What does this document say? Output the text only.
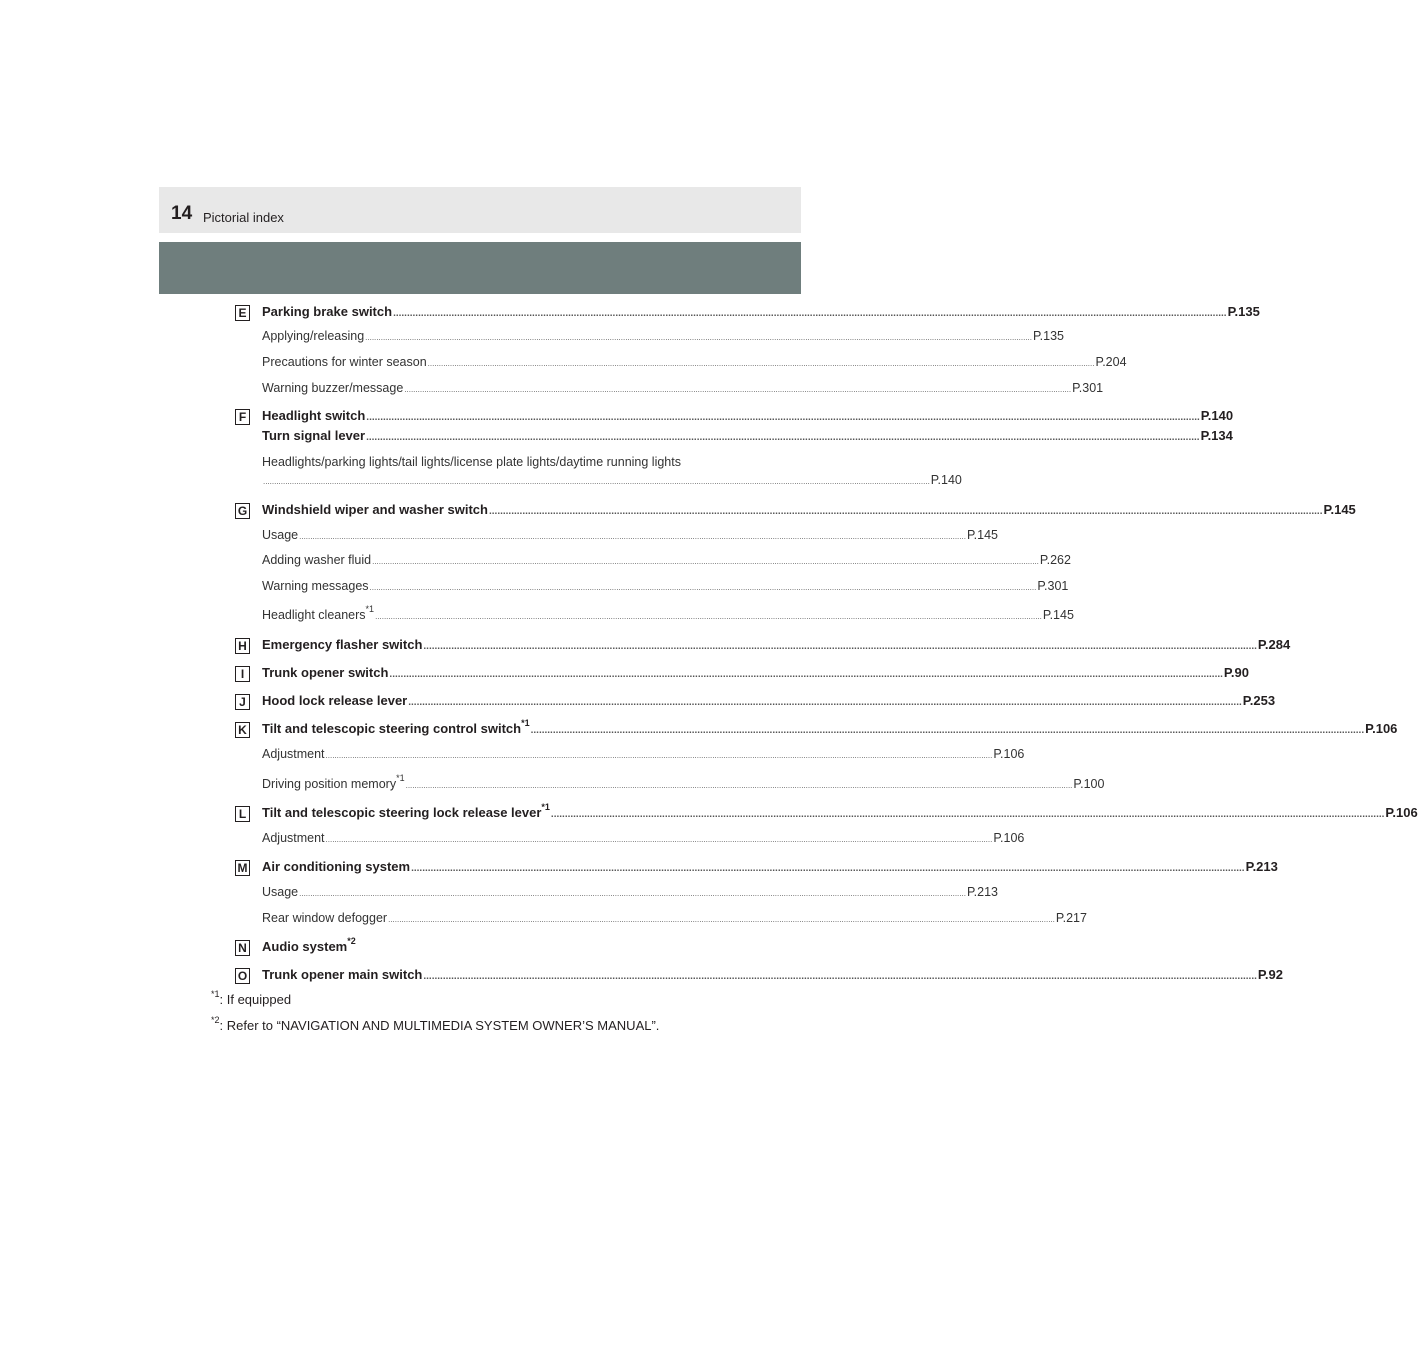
14 Pictorial index
E Parking brake switch ............................................................................................................................................................................................................................................................................................................ P.135
Applying/releasing ............................................................................................................................................................................................................................................................................................................ P.135
Precautions for winter season ............................................................................................................................................................................................................................................................................................................ P.204
Warning buzzer/message ............................................................................................................................................................................................................................................................................................................ P.301
F Headlight switch ............................................................................................................................................................................................................................................................................................................ P.140
Turn signal lever ............................................................................................................................................................................................................................................................................................................ P.134
Headlights/parking lights/tail lights/license plate lights/daytime running lights
............................................................................................................................................................................................................................................................................................................ P.140
G Windshield wiper and washer switch ............................................................................................................................................................................................................................................................................................................ P.145
Usage ............................................................................................................................................................................................................................................................................................................ P.145
Adding washer fluid ............................................................................................................................................................................................................................................................................................................ P.262
Warning messages ............................................................................................................................................................................................................................................................................................................ P.301
Headlight cleaners$^{*1}$
............................................................................................................................................................................................................................................................................................................ P.145
H Emergency flasher switch ............................................................................................................................................................................................................................................................................................................ P.284
I	Trunk opener switch ............................................................................................................................................................................................................................................................................................................ P.90
J	Hood lock release lever ............................................................................................................................................................................................................................................................................................................ P.253
K Tilt and telescopic steering control switch$^{*1}$
............................................................................................................................................................................................................................................................................................................ P.106
Adjustment ............................................................................................................................................................................................................................................................................................................ P.106
Driving position memory$^{*1}$
............................................................................................................................................................................................................................................................................................................ P.100
L Tilt and telescopic steering lock release lever$^{*1}$
............................................................................................................................................................................................................................................................................................................ P.106
Adjustment ............................................................................................................................................................................................................................................................................................................ P.106
M Air conditioning system ............................................................................................................................................................................................................................................................................................................ P.213
Usage ............................................................................................................................................................................................................................................................................................................ P.213
Rear window defogger ............................................................................................................................................................................................................................................................................................................ P.217
N Audio system$^{*2}$
O Trunk opener main switch ............................................................................................................................................................................................................................................................................................................ P.92
$^{*1}$: If equipped
$^{*2}$: Refer to “NAVIGATION AND MULTIMEDIA SYSTEM OWNER’S MANUAL”.
